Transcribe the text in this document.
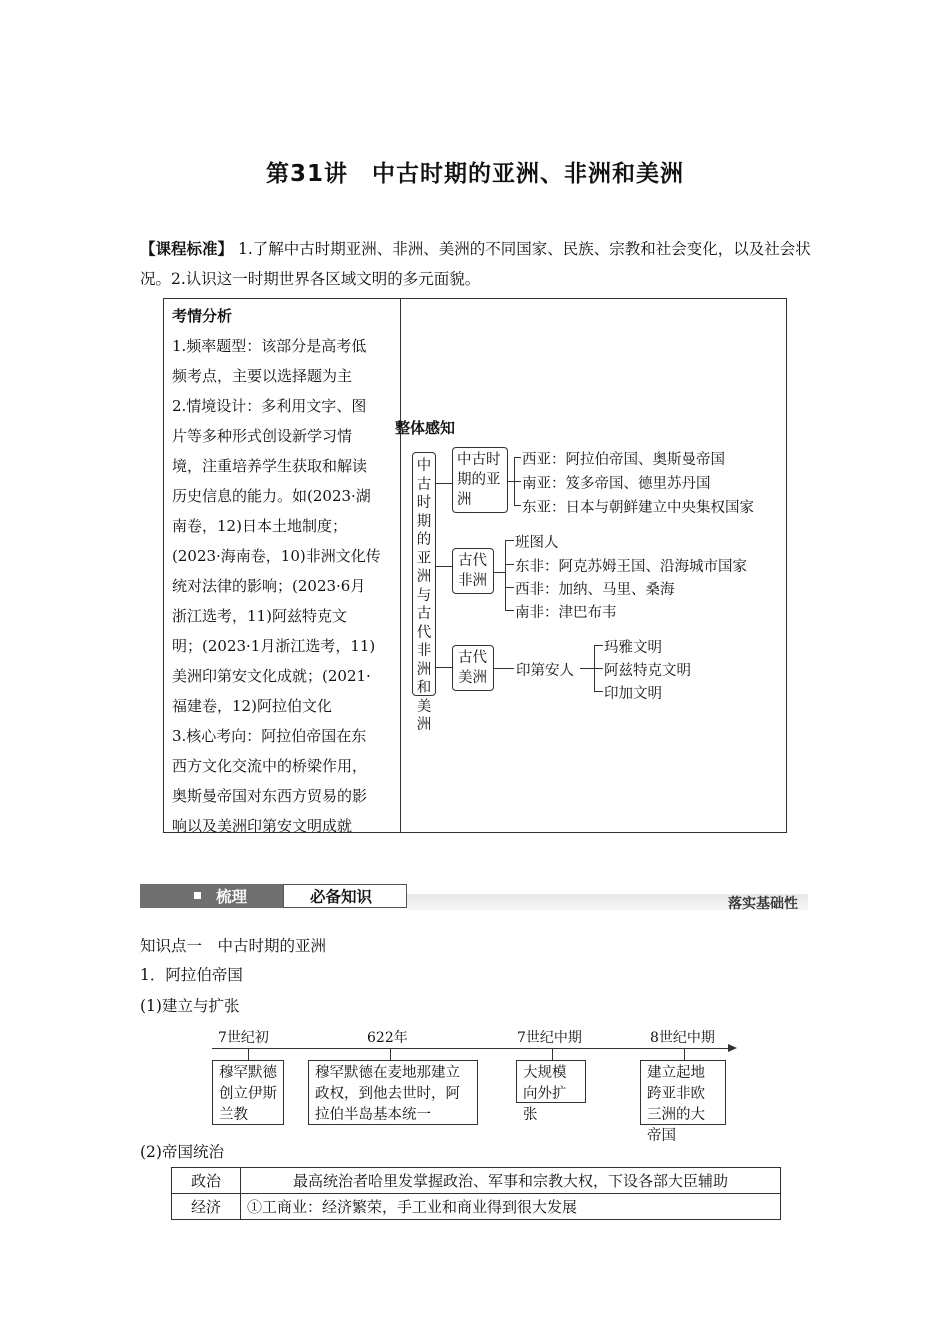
第31讲　中古时期的亚洲、非洲和美洲
【课程标准】 1.了解中古时期亚洲、非洲、美洲的不同国家、民族、宗教和社会变化，以及社会状况。2.认识这一时期世界各区域文明的多元面貌。
考情分析
1.频率题型：该部分是高考低
频考点，主要以选择题为主
2.情境设计：多利用文字、图
片等多种形式创设新学习情
境，注重培养学生获取和解读
历史信息的能力。如(2023·湖
南卷，12)日本土地制度；
(2023·海南卷，10)非洲文化传
统对法律的影响；(2023·6月
浙江选考，11)阿兹特克文
明；(2023·1月浙江选考，11)
美洲印第安文化成就；(2021·
福建卷，12)阿拉伯文化
3.核心考向：阿拉伯帝国在东
西方文化交流中的桥梁作用，
奥斯曼帝国对东西方贸易的影
响以及美洲印第安文明成就
整体感知
中古时期的亚洲与古代非洲和美洲
中古时期的亚洲
西亚：阿拉伯帝国、奥斯曼帝国
南亚：笈多帝国、德里苏丹国
东亚：日本与朝鲜建立中央集权国家
古代非洲
班图人
东非：阿克苏姆王国、沿海城市国家
西非：加纳、马里、桑海
南非：津巴布韦
古代美洲	印第安人
玛雅文明
阿兹特克文明
印加文明
梳理	必备知识	落实基础性
知识点一　中古时期的亚洲
1．阿拉伯帝国
(1)建立与扩张
7世纪初
穆罕默德创立伊斯兰教
622年
穆罕默德在麦地那建立政权，到他去世时，阿拉伯半岛基本统一
7世纪中期
大规模向外扩张
8世纪中期
建立起地跨亚非欧三洲的大帝国
(2)帝国统治
政治	最高统治者哈里发掌握政治、军事和宗教大权，下设各部大臣辅助
经济	①工商业：经济繁荣，手工业和商业得到很大发展
